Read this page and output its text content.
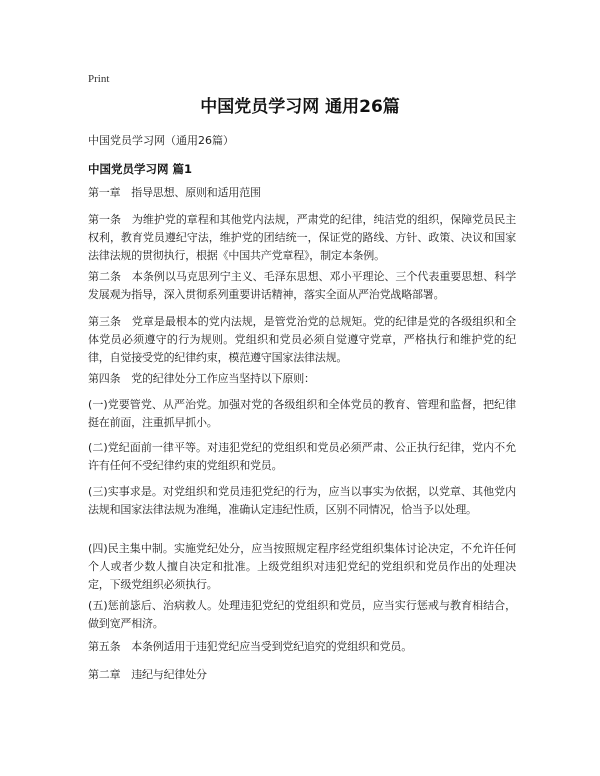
Print
中国党员学习网 通用26篇

中国党员学习网（通用26篇）

中国党员学习网 篇1

第一章　指导思想、原则和适用范围

第一条　为维护党的章程和其他党内法规，严肃党的纪律，纯洁党的组织，保障党员民主权利，教育党员遵纪守法，维护党的团结统一，保证党的路线、方针、政策、决议和国家法律法规的贯彻执行，根据《中国共产党章程》，制定本条例。

第二条　本条例以马克思列宁主义、毛泽东思想、邓小平理论、三个代表重要思想、科学发展观为指导，深入贯彻系列重要讲话精神，落实全面从严治党战略部署。

第三条　党章是最根本的党内法规，是管党治党的总规矩。党的纪律是党的各级组织和全体党员必须遵守的行为规则。党组织和党员必须自觉遵守党章，严格执行和维护党的纪律，自觉接受党的纪律约束，模范遵守国家法律法规。

第四条　党的纪律处分工作应当坚持以下原则：

(一)党要管党、从严治党。加强对党的各级组织和全体党员的教育、管理和监督，把纪律挺在前面，注重抓早抓小。

(二)党纪面前一律平等。对违犯党纪的党组织和党员必须严肃、公正执行纪律，党内不允许有任何不受纪律约束的党组织和党员。

(三)实事求是。对党组织和党员违犯党纪的行为，应当以事实为依据，以党章、其他党内法规和国家法律法规为准绳，准确认定违纪性质，区别不同情况，恰当予以处理。

(四)民主集中制。实施党纪处分，应当按照规定程序经党组织集体讨论决定，不允许任何个人或者少数人擅自决定和批准。上级党组织对违犯党纪的党组织和党员作出的处理决定，下级党组织必须执行。

(五)惩前毖后、治病救人。处理违犯党纪的党组织和党员，应当实行惩戒与教育相结合，做到宽严相济。

第五条　本条例适用于违犯党纪应当受到党纪追究的党组织和党员。

第二章　违纪与纪律处分
